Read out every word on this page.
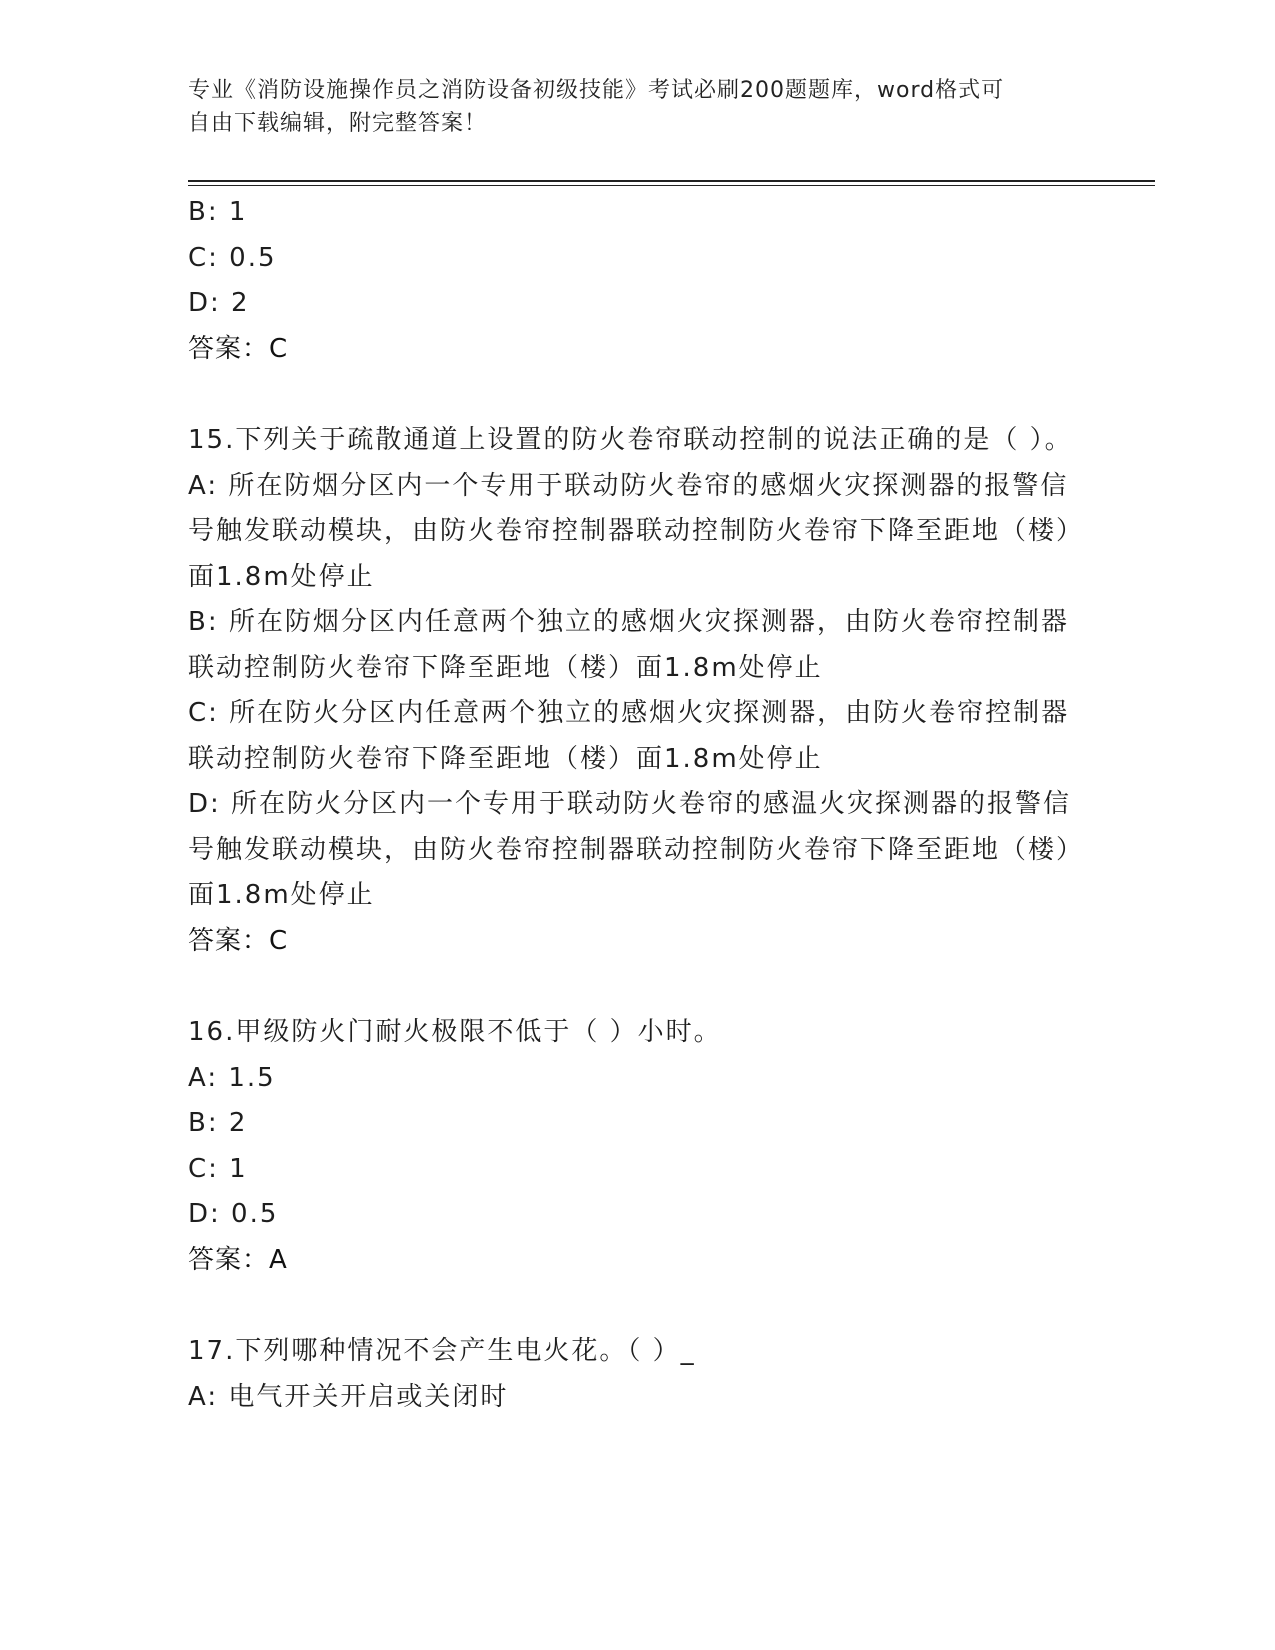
专业《消防设施操作员之消防设备初级技能》考试必刷200题题库，word格式可
自由下载编辑，附完整答案！
B: 1
C: 0.5
D: 2
答案：C
15.下列关于疏散通道上设置的防火卷帘联动控制的说法正确的是（ ）。
A: 所在防烟分区内一个专用于联动防火卷帘的感烟火灾探测器的报警信号触发联动模块，由防火卷帘控制器联动控制防火卷帘下降至距地（楼）面1.8m处停止
B: 所在防烟分区内任意两个独立的感烟火灾探测器，由防火卷帘控制器联动控制防火卷帘下降至距地（楼）面1.8m处停止
C: 所在防火分区内任意两个独立的感烟火灾探测器，由防火卷帘控制器联动控制防火卷帘下降至距地（楼）面1.8m处停止
D: 所在防火分区内一个专用于联动防火卷帘的感温火灾探测器的报警信号触发联动模块，由防火卷帘控制器联动控制防火卷帘下降至距地（楼）面1.8m处停止
答案：C
16.甲级防火门耐火极限不低于（ ）小时。
A: 1.5
B: 2
C: 1
D: 0.5
答案：A
17.下列哪种情况不会产生电火花。（ ）_
A: 电气开关开启或关闭时
